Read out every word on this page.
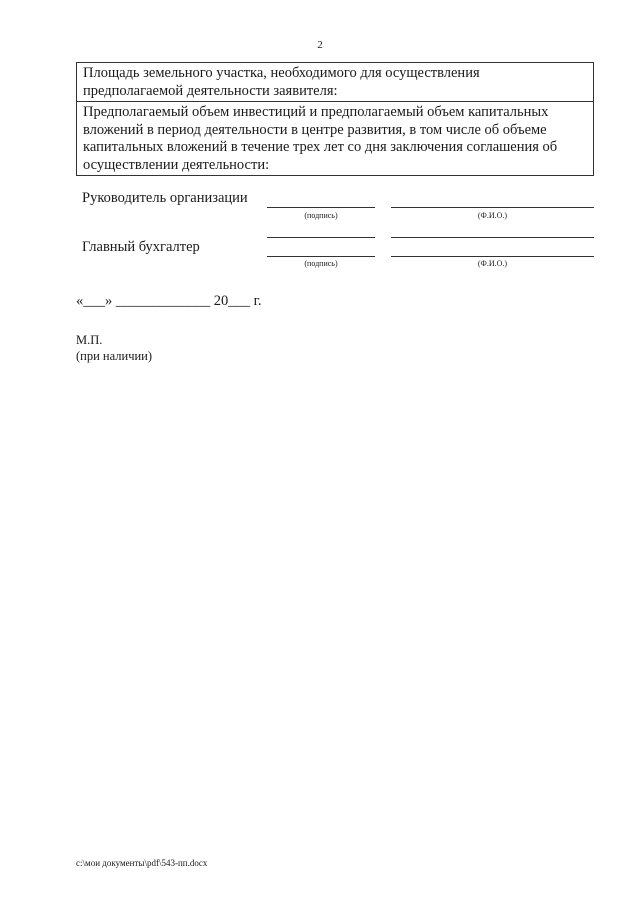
2
Площадь земельного участка, необходимого для осуществления
предполагаемой деятельности заявителя:
Предполагаемый объем инвестиций и предполагаемый объем капитальных
вложений в период деятельности в центре развития, в том числе об объеме
капитальных вложений в течение трех лет со дня заключения соглашения об
осуществлении деятельности:
Руководитель организации
(подпись)	(Ф.И.О.)
Главный бухгалтер
(подпись)	(Ф.И.О.)
«___» _____________ 20___ г.
М.П.
(при наличии)
c:\мои документы\pdf\543-пп.docx
